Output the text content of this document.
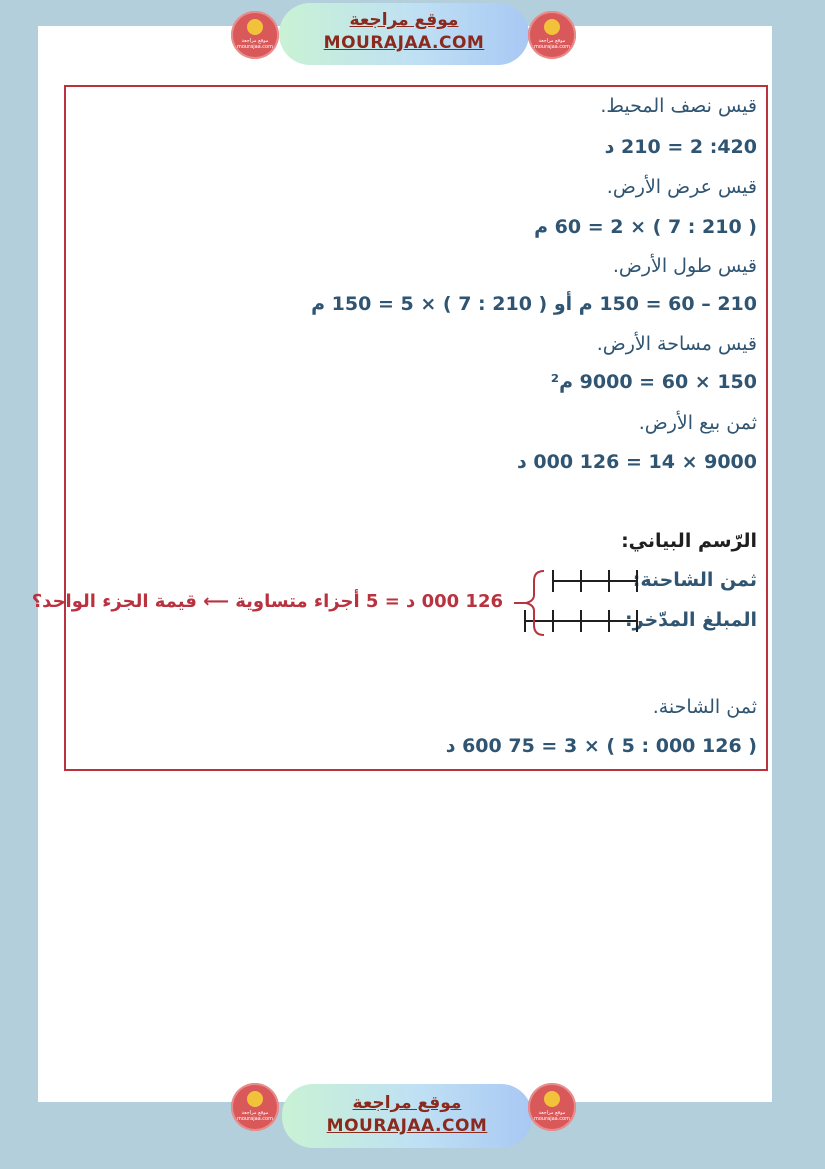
موقع مراجعة
mourajaa.com
موقع مراجعة
MOURAJAA.COM	موقع مراجعة
mourajaa.com
قيس نصف المحيط.
420: 2 = 210 د
قيس عرض الأرض.
( 210 : 7 ) × 2 = 60 م
قيس طول الأرض.
210 – 60 = 150 م أو ( 210 : 7 ) × 5 = 150 م
قيس مساحة الأرض.
150 × 60 = 9000 م²
ثمن بيع الأرض.
9000 × 14 = 126 000 د
الرّسم البياني:
ثمن الشاحنة:
المبلغ المدّخر:
126 000 د = 5 أجزاء متساوية ⟵ قيمة الجزء الواحد؟
ثمن الشاحنة.
( 126 000 : 5 ) × 3 = 75 600 د
موقع مراجعة
mourajaa.com
موقع مراجعة
MOURAJAA.COM
موقع مراجعة
mourajaa.com
